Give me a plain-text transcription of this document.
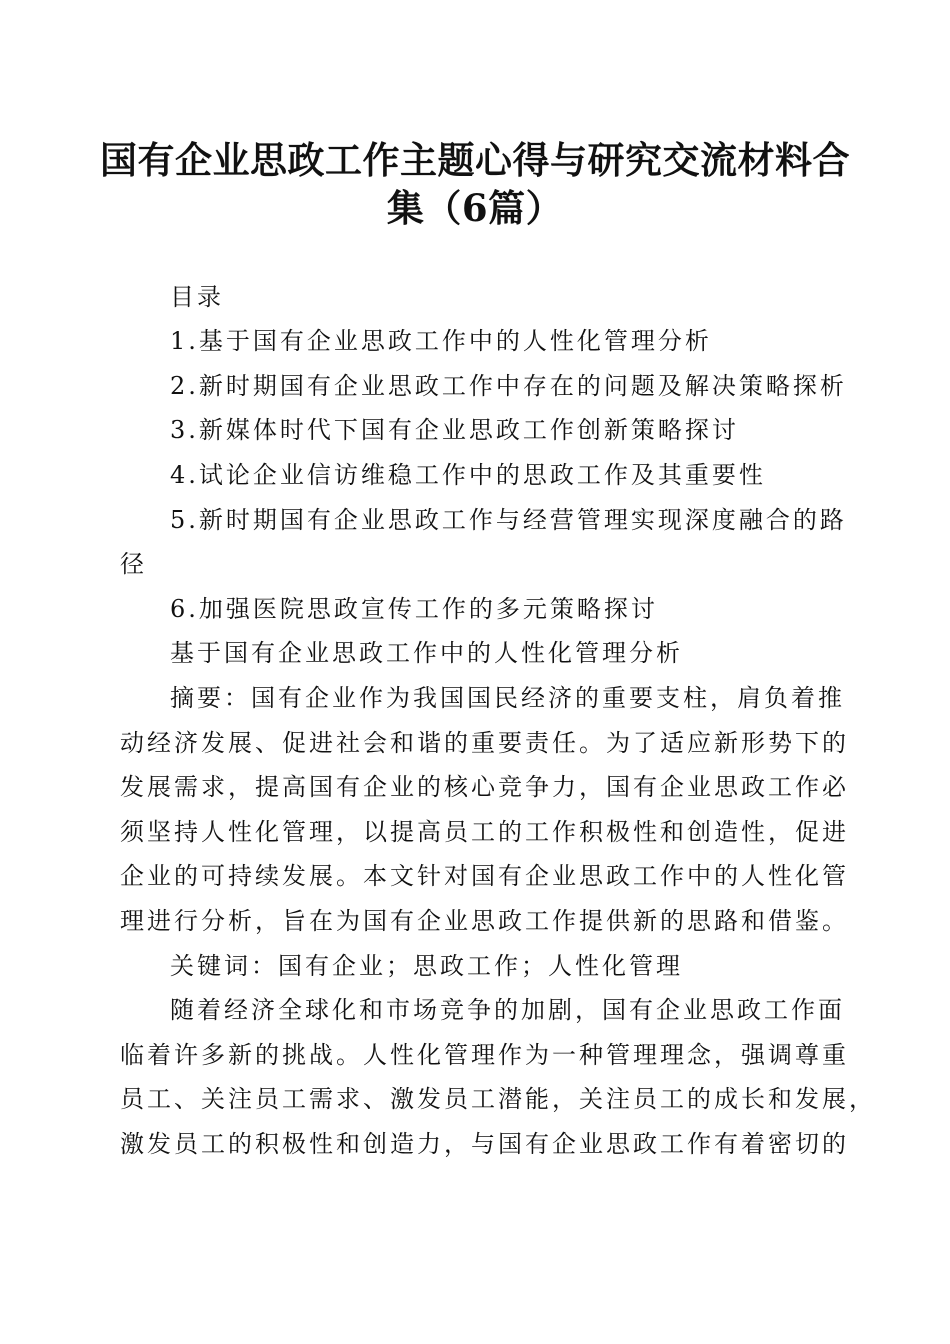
国有企业思政工作主题心得与研究交流材料合
集（6篇）

目录

1.基于国有企业思政工作中的人性化管理分析

2.新时期国有企业思政工作中存在的问题及解决策略探析

3.新媒体时代下国有企业思政工作创新策略探讨

4.试论企业信访维稳工作中的思政工作及其重要性

5.新时期国有企业思政工作与经营管理实现深度融合的路

径

6.加强医院思政宣传工作的多元策略探讨

基于国有企业思政工作中的人性化管理分析

摘要：国有企业作为我国国民经济的重要支柱，肩负着推

动经济发展、促进社会和谐的重要责任。为了适应新形势下的

发展需求，提高国有企业的核心竞争力，国有企业思政工作必

须坚持人性化管理，以提高员工的工作积极性和创造性，促进

企业的可持续发展。本文针对国有企业思政工作中的人性化管

理进行分析，旨在为国有企业思政工作提供新的思路和借鉴。

关键词：国有企业；思政工作；人性化管理

随着经济全球化和市场竞争的加剧，国有企业思政工作面

临着许多新的挑战。人性化管理作为一种管理理念，强调尊重

员工、关注员工需求、激发员工潜能，关注员工的成长和发展，

激发员工的积极性和创造力，与国有企业思政工作有着密切的
